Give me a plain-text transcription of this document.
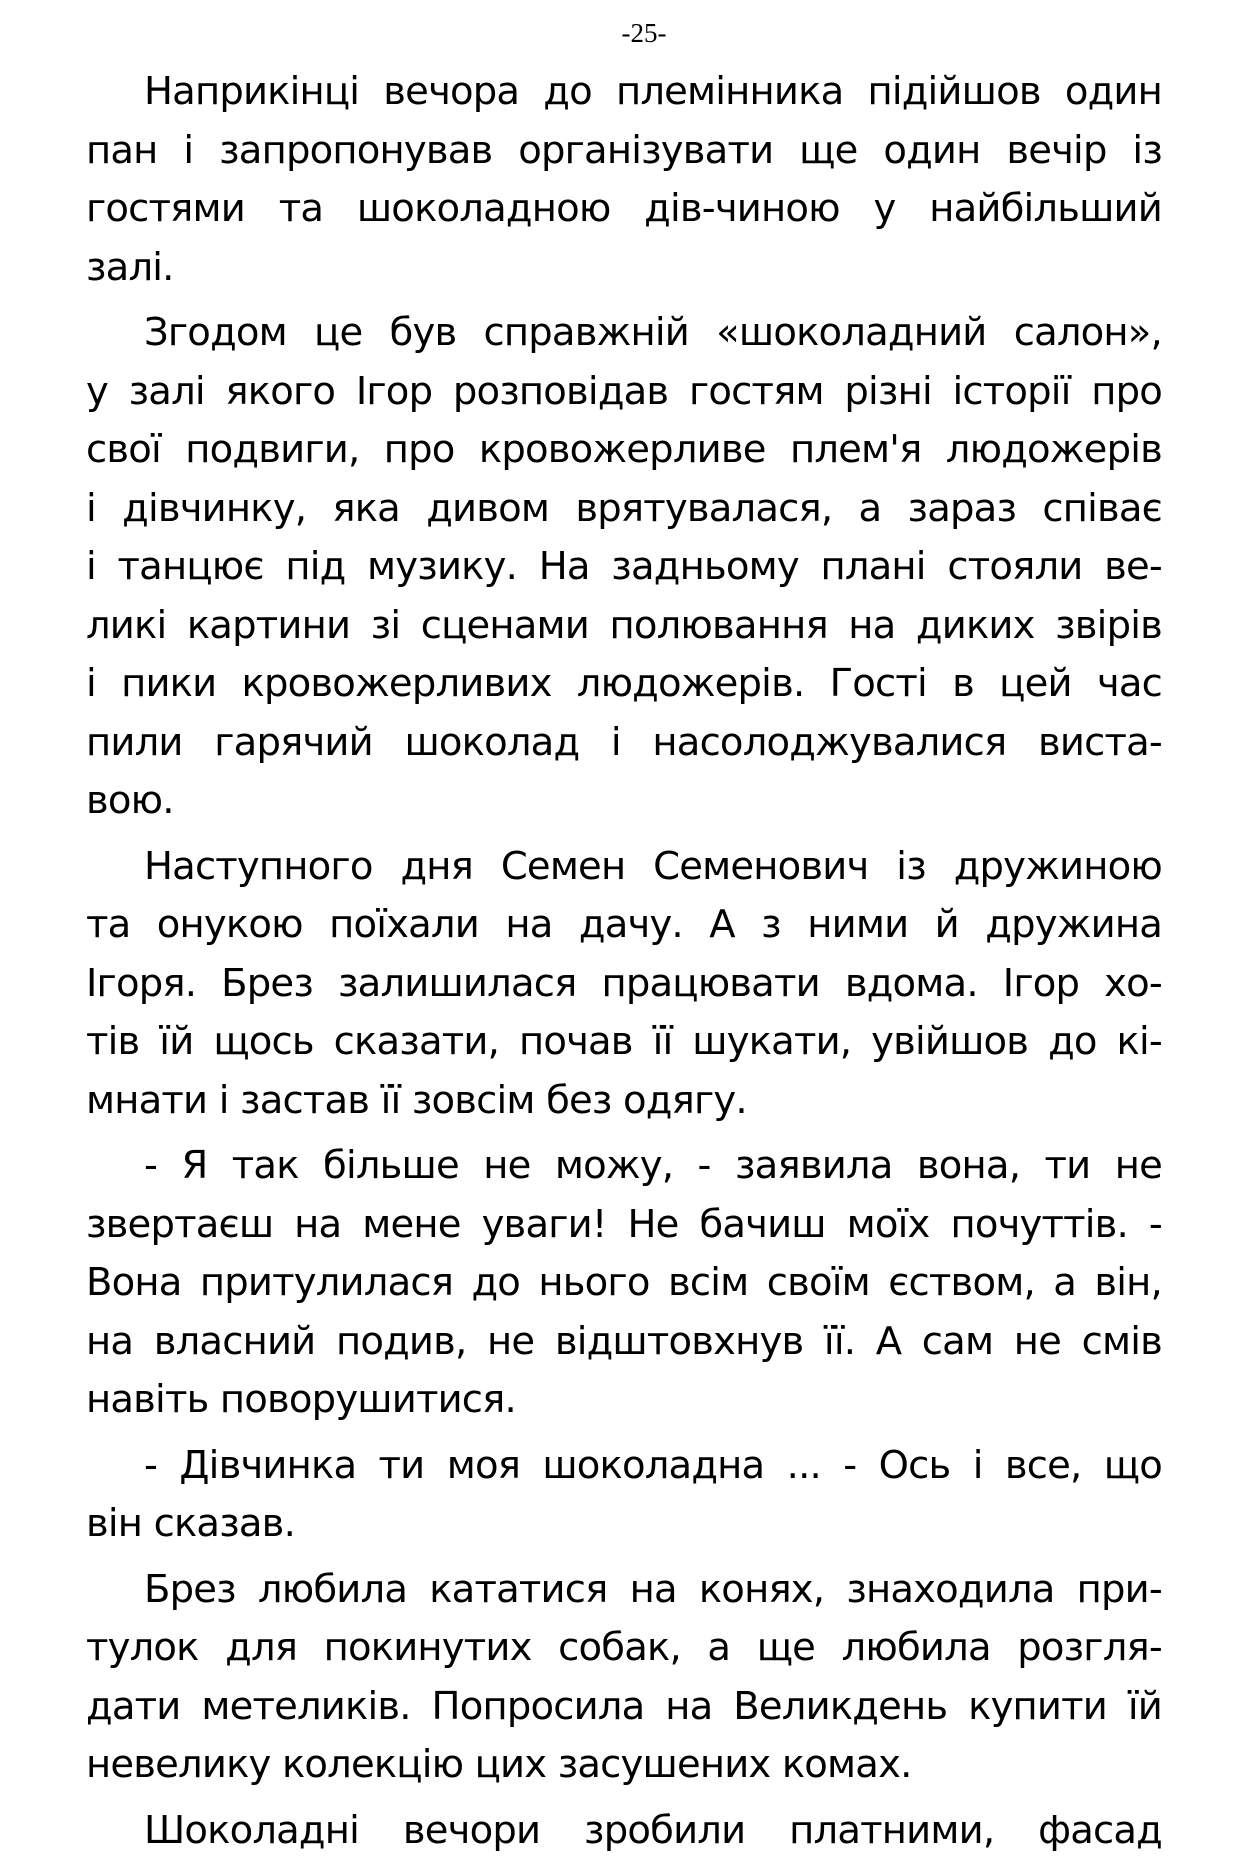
-25-
Наприкінці вечора до племінника підійшов один
пан і запропонував організувати ще один вечір із
гостями та шоколадною дів-чиною у найбільший
залі.
Згодом це був справжній «шоколадний салон»,
у залі якого Ігор розповідав гостям різні історії про
свої подвиги, про кровожерливе плем'я людожерів
і дівчинку, яка дивом врятувалася, а зараз співає
і танцює під музику. На задньому плані стояли ве-
ликі картини зі сценами полювання на диких звірів
і пики кровожерливих людожерів. Гості в цей час
пили гарячий шоколад і насолоджувалися виста-
вою.
Наступного дня Семен Семенович із дружиною
та онукою поїхали на дачу. А з ними й дружина
Ігоря. Брез залишилася працювати вдома. Ігор хо-
тів їй щось сказати, почав її шукати, увійшов до кі-
мнати і застав її зовсім без одягу.
- Я так більше не можу, - заявила вона, ти не
звертаєш на мене уваги! Не бачиш моїх почуттів. -
Вона притулилася до нього всім своїм єством, а він,
на власний подив, не відштовхнув її. А сам не смів
навіть поворушитися.
- Дівчинка ти моя шоколадна ... - Ось і все, що
він сказав.
Брез любила кататися на конях, знаходила при-
тулок для покинутих собак, а ще любила розгля-
дати метеликів. Попросила на Великдень купити їй
невелику колекцію цих засушених комах.
Шоколадні вечори зробили платними, фасад
